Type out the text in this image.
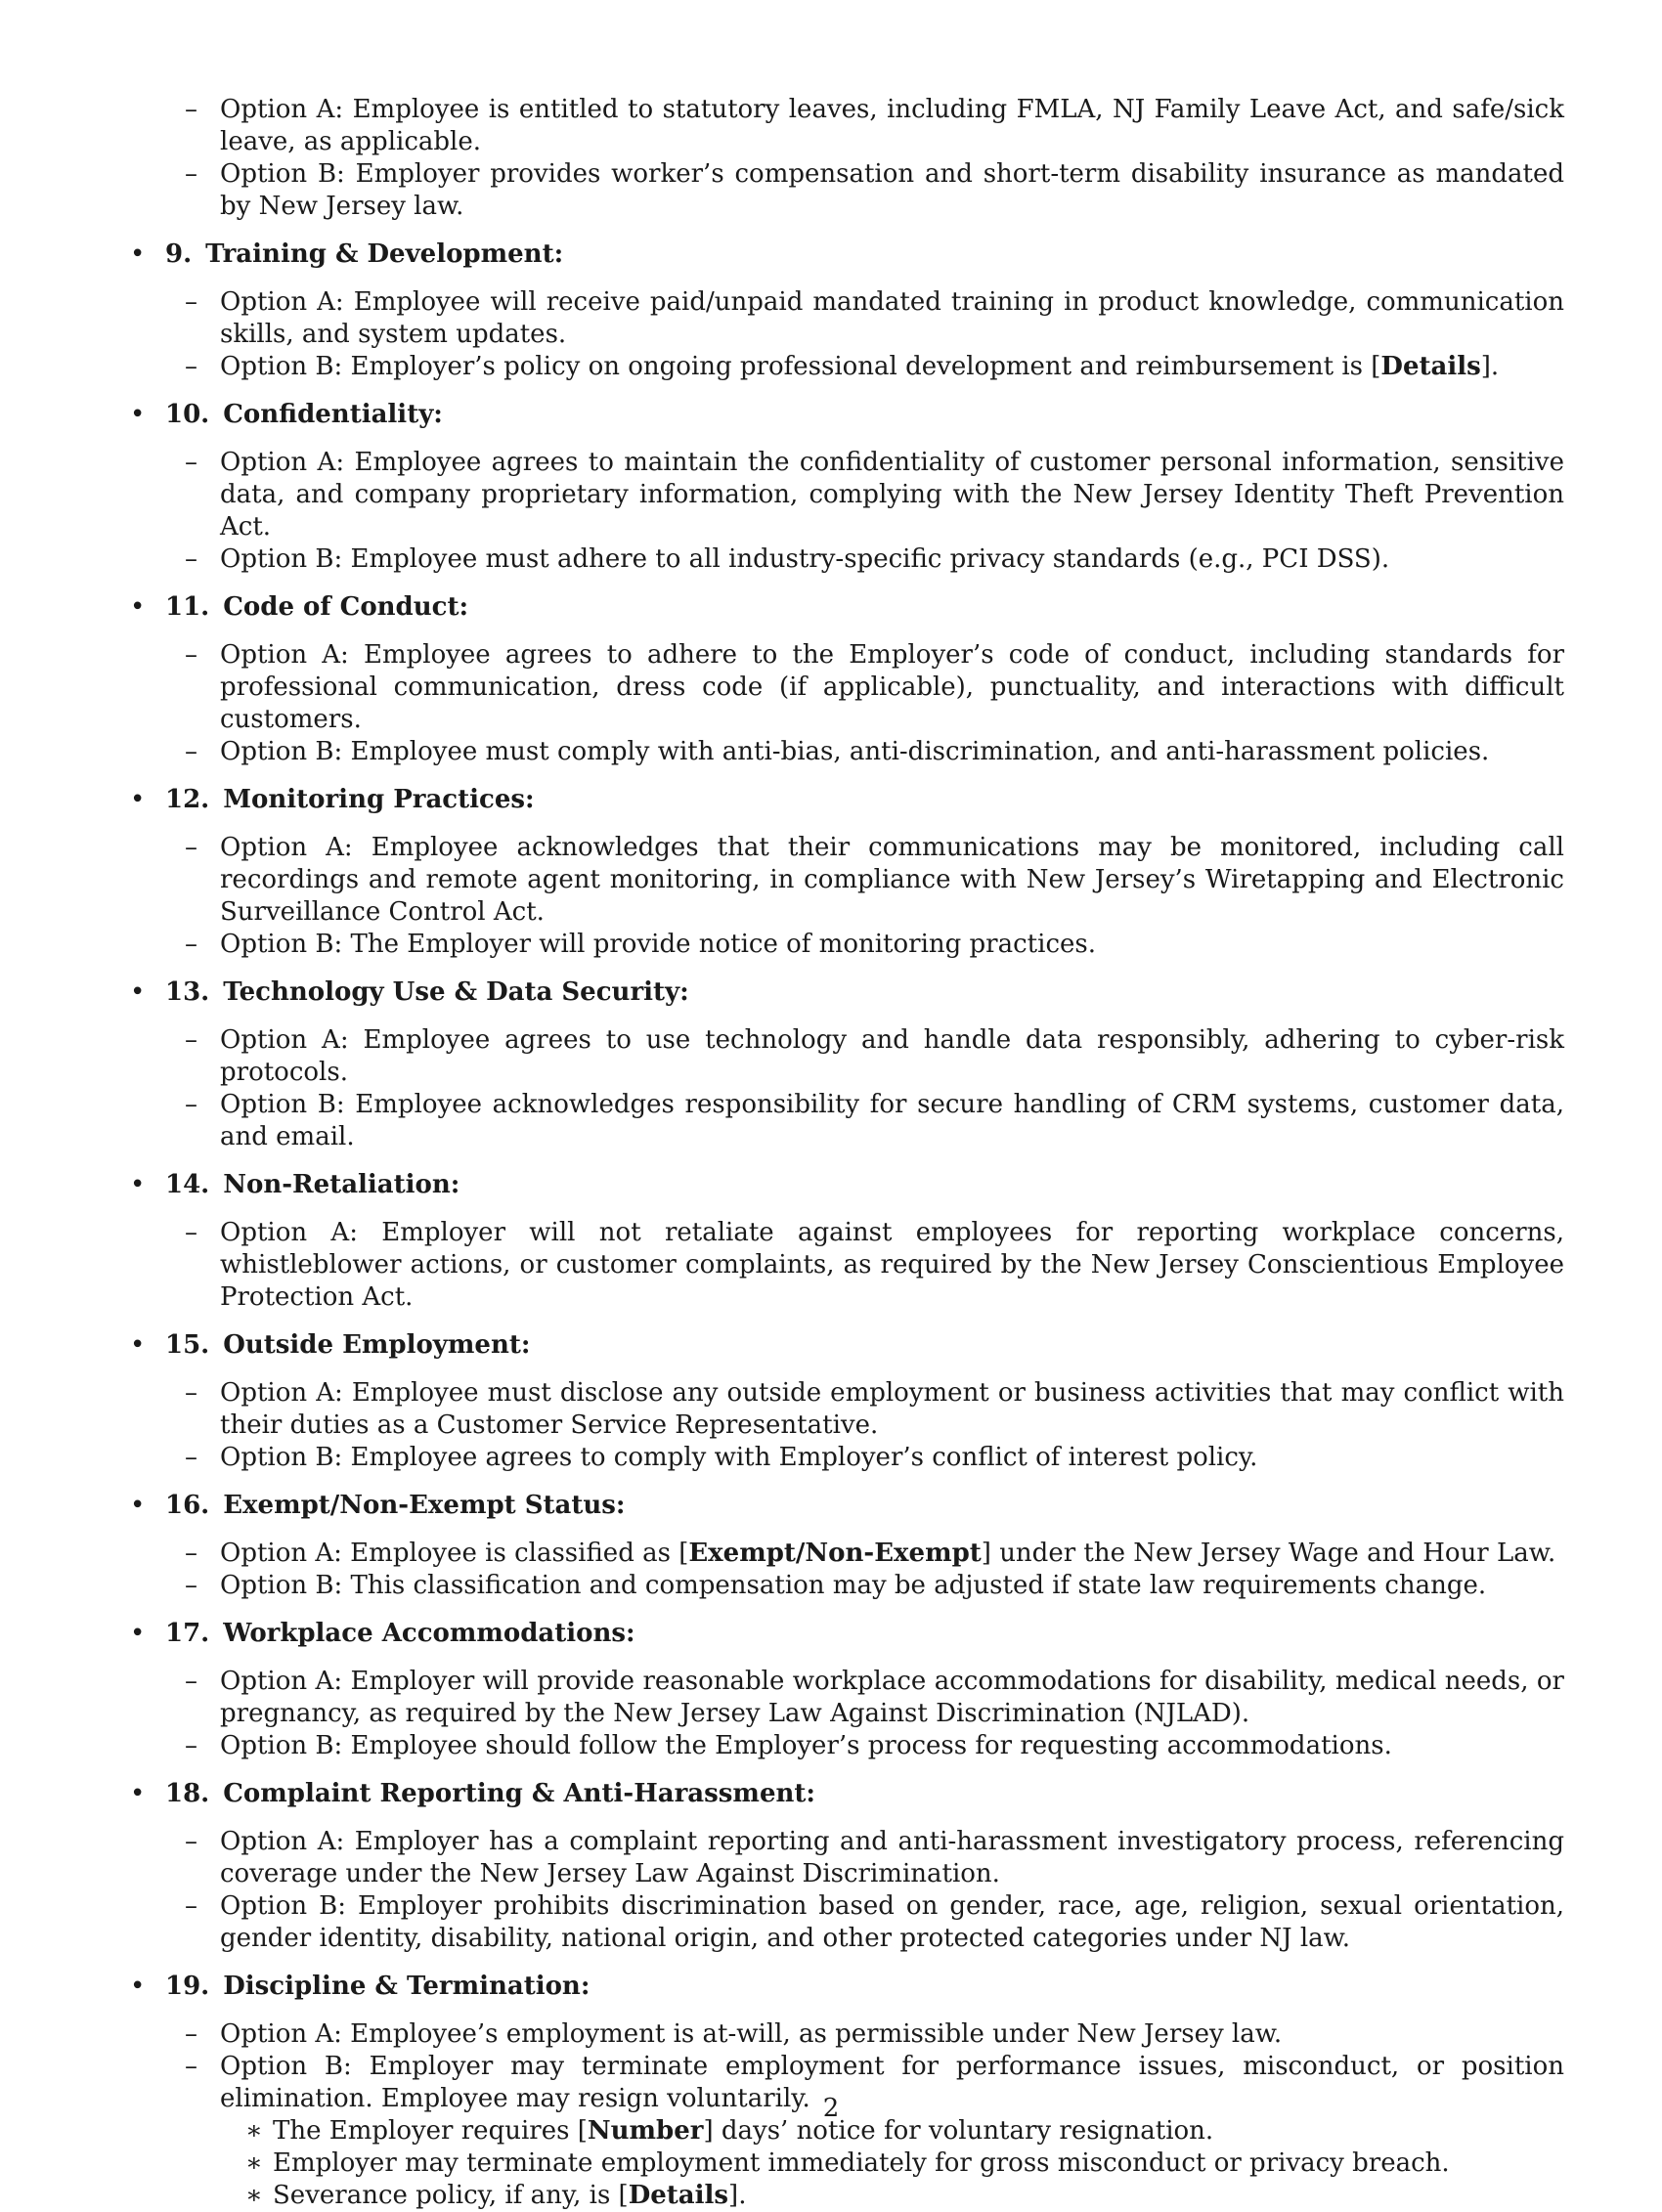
– Option A: Employee is entitled to statutory leaves, including FMLA, NJ Family Leave Act, and safe/sick leave, as applicable.
– Option B: Employer provides worker’s compensation and short-term disability insurance as mandated by New Jersey law.
• 9. Training & Development:
– Option A: Employee will receive paid/unpaid mandated training in product knowledge, communication skills, and system updates.
– Option B: Employer’s policy on ongoing professional development and reimbursement is [Details].
• 10. Confidentiality:
– Option A: Employee agrees to maintain the confidentiality of customer personal information, sensitive data, and company proprietary information, complying with the New Jersey Identity Theft Prevention Act.
– Option B: Employee must adhere to all industry-specific privacy standards (e.g., PCI DSS).
• 11. Code of Conduct:
– Option A: Employee agrees to adhere to the Employer’s code of conduct, including standards for professional communication, dress code (if applicable), punctuality, and interactions with difficult customers.
– Option B: Employee must comply with anti-bias, anti-discrimination, and anti-harassment policies.
• 12. Monitoring Practices:
– Option A: Employee acknowledges that their communications may be monitored, including call recordings and remote agent monitoring, in compliance with New Jersey’s Wiretapping and Electronic Surveillance Control Act.
– Option B: The Employer will provide notice of monitoring practices.
• 13. Technology Use & Data Security:
– Option A: Employee agrees to use technology and handle data responsibly, adhering to cyber-risk protocols.
– Option B: Employee acknowledges responsibility for secure handling of CRM systems, customer data, and email.
• 14. Non-Retaliation:
– Option A: Employer will not retaliate against employees for reporting workplace concerns, whistleblower actions, or customer complaints, as required by the New Jersey Conscientious Employee Protection Act.
• 15. Outside Employment:
– Option A: Employee must disclose any outside employment or business activities that may conflict with their duties as a Customer Service Representative.
– Option B: Employee agrees to comply with Employer’s conflict of interest policy.
• 16. Exempt/Non-Exempt Status:
– Option A: Employee is classified as [Exempt/Non-Exempt] under the New Jersey Wage and Hour Law.
– Option B: This classification and compensation may be adjusted if state law requirements change.
• 17. Workplace Accommodations:
– Option A: Employer will provide reasonable workplace accommodations for disability, medical needs, or pregnancy, as required by the New Jersey Law Against Discrimination (NJLAD).
– Option B: Employee should follow the Employer’s process for requesting accommodations.
• 18. Complaint Reporting & Anti-Harassment:
– Option A: Employer has a complaint reporting and anti-harassment investigatory process, referencing coverage under the New Jersey Law Against Discrimination.
– Option B: Employer prohibits discrimination based on gender, race, age, religion, sexual orientation, gender identity, disability, national origin, and other protected categories under NJ law.
• 19. Discipline & Termination:
– Option A: Employee’s employment is at-will, as permissible under New Jersey law.
– Option B: Employer may terminate employment for performance issues, misconduct, or position elimination. Employee may resign voluntarily.
∗ The Employer requires [Number] days’ notice for voluntary resignation.
∗ Employer may terminate employment immediately for gross misconduct or privacy breach.
∗ Severance policy, if any, is [Details].
2
